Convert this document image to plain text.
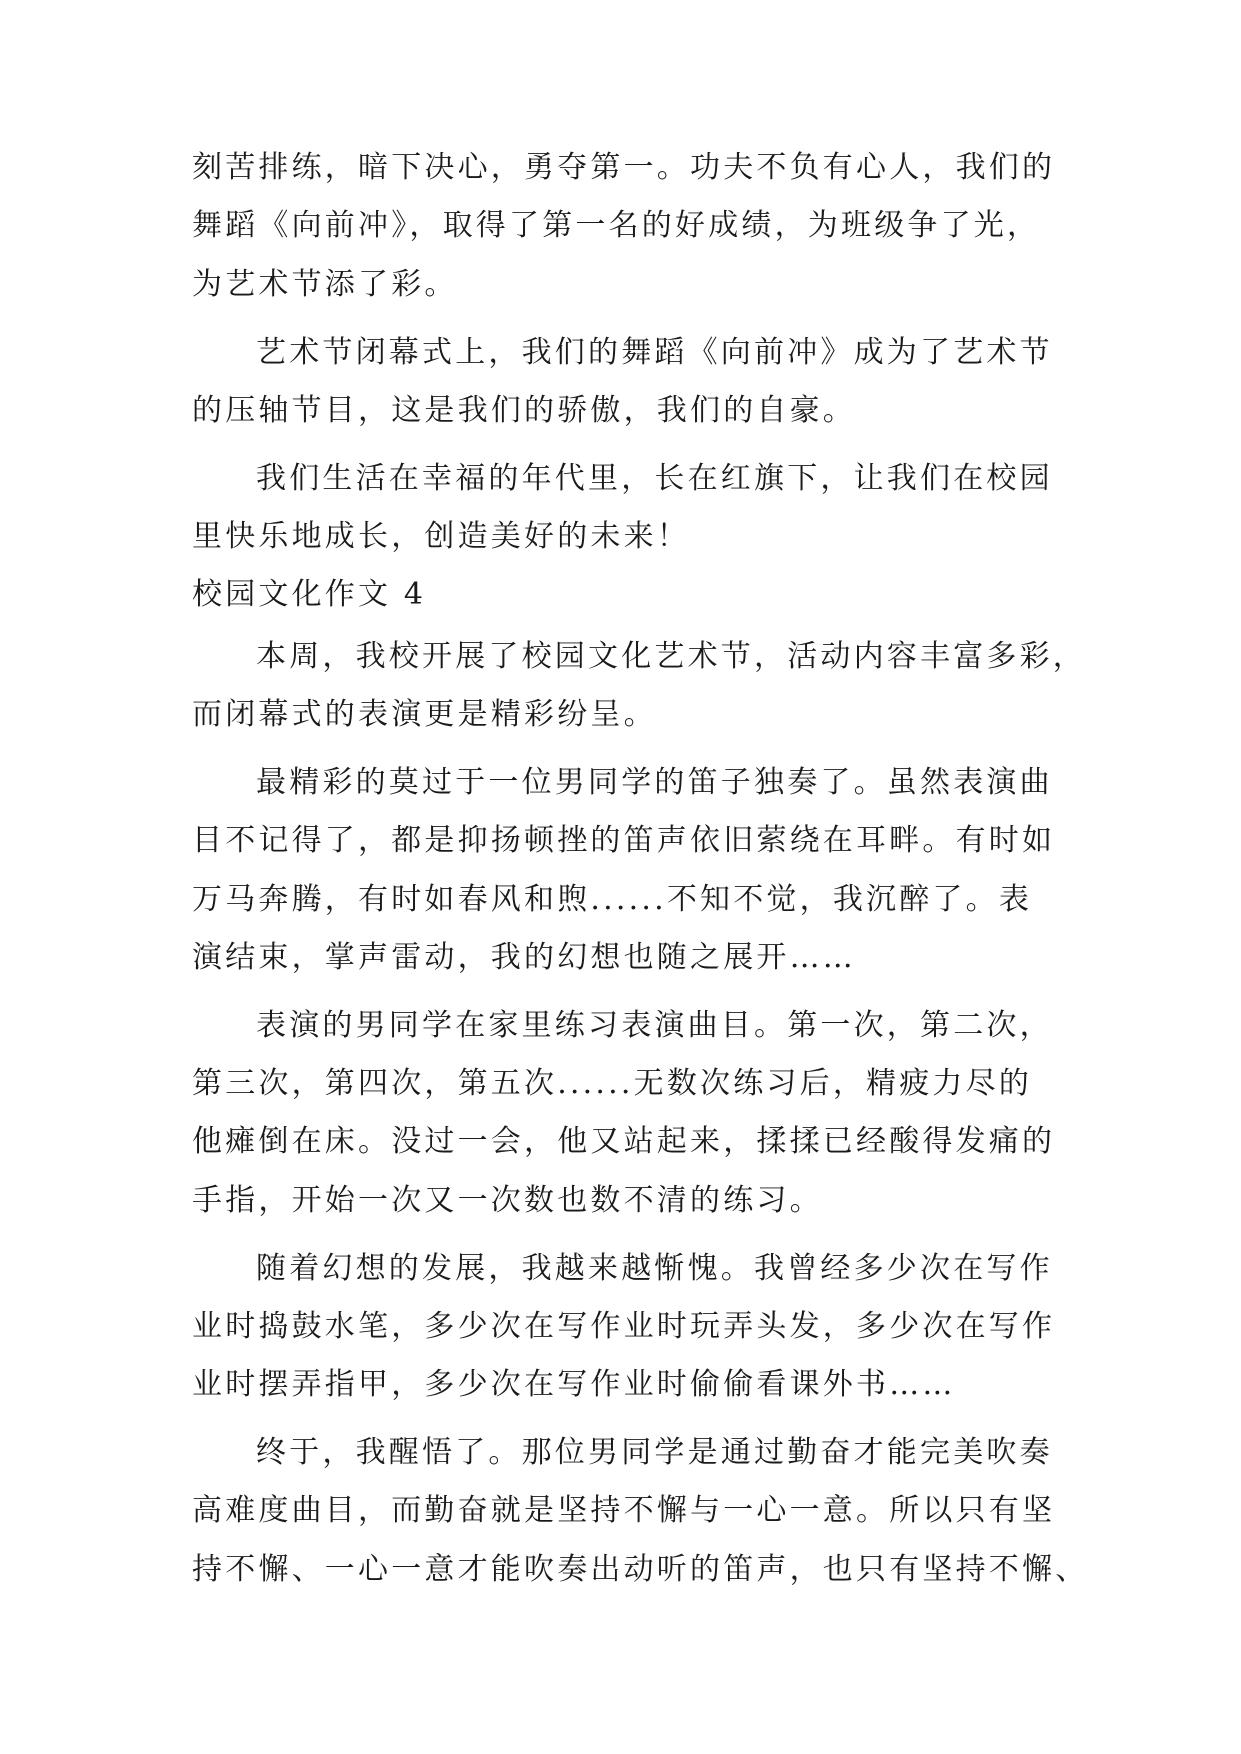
刻苦排练，暗下决心，勇夺第一。功夫不负有心人，我们的
舞蹈《向前冲》，取得了第一名的好成绩，为班级争了光，
为艺术节添了彩。
艺术节闭幕式上，我们的舞蹈《向前冲》成为了艺术节
的压轴节目，这是我们的骄傲，我们的自豪。
我们生活在幸福的年代里，长在红旗下，让我们在校园
里快乐地成长，创造美好的未来！
校园文化作文 4
本周，我校开展了校园文化艺术节，活动内容丰富多彩，
而闭幕式的表演更是精彩纷呈。
最精彩的莫过于一位男同学的笛子独奏了。虽然表演曲
目不记得了，都是抑扬顿挫的笛声依旧萦绕在耳畔。有时如
万马奔腾，有时如春风和煦......不知不觉，我沉醉了。表
演结束，掌声雷动，我的幻想也随之展开……
表演的男同学在家里练习表演曲目。第一次，第二次，
第三次，第四次，第五次......无数次练习后，精疲力尽的
他瘫倒在床。没过一会，他又站起来，揉揉已经酸得发痛的
手指，开始一次又一次数也数不清的练习。
随着幻想的发展，我越来越惭愧。我曾经多少次在写作
业时捣鼓水笔，多少次在写作业时玩弄头发，多少次在写作
业时摆弄指甲，多少次在写作业时偷偷看课外书……
终于，我醒悟了。那位男同学是通过勤奋才能完美吹奏
高难度曲目，而勤奋就是坚持不懈与一心一意。所以只有坚
持不懈、一心一意才能吹奏出动听的笛声，也只有坚持不懈、
